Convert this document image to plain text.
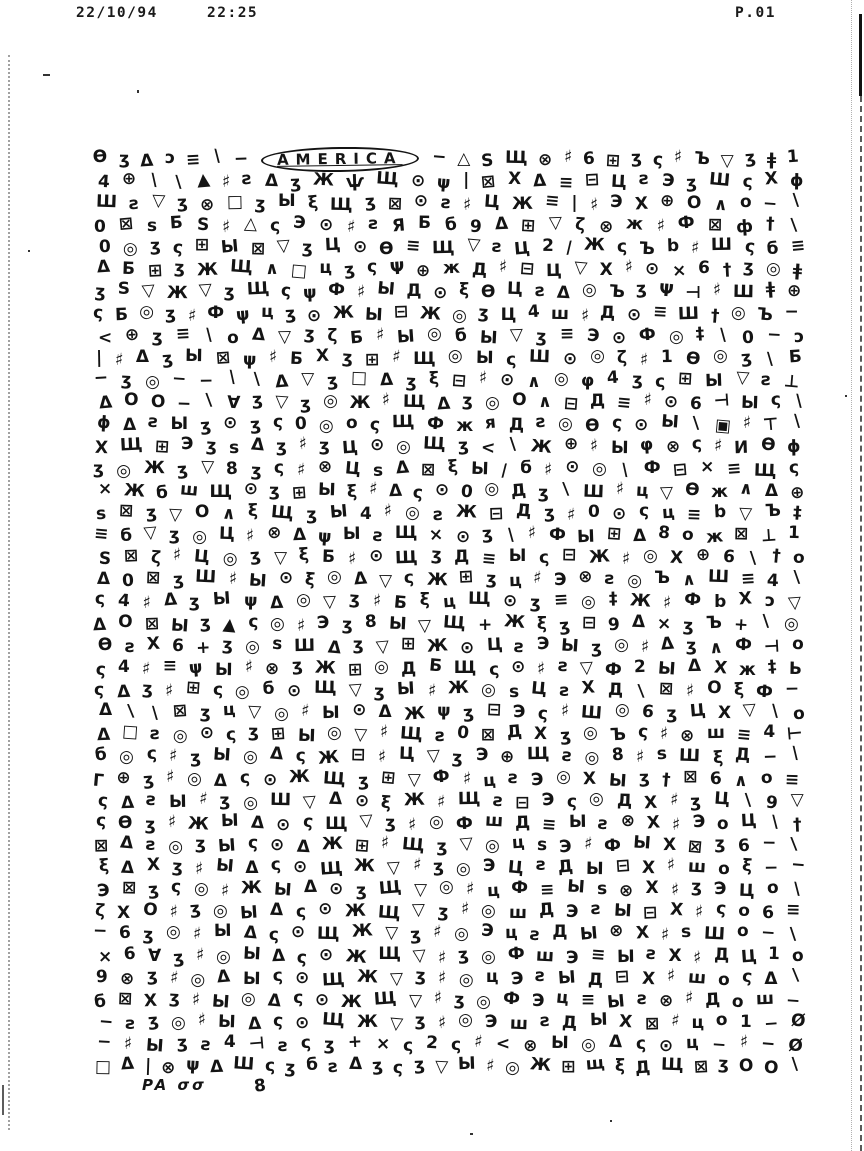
22/10/94	22:25	P.01
Ѳ ʒ Δ ɔ ≡ ∖ −	AMERICA	− △ S Щ ⊗ ♯ 6 ⊞ ʒ ς ♯ Ъ ▽ ʒ ǂ 1
4 ⊕ ∖ ∖ ▲ ♯ ƨ Δ ʒ Ж ѱ Щ ⊙ ψ | ⊠ X Δ ≡ ⊟ Ц ƨ Э ʒ Ш ς X ɸ
Ш ƨ ▽ ʒ ⊗ □ ʒ Ы ξ Щ ʒ ⊠ ⊙ ƨ ♯ Ц Ж ≡ | ♯ Э X ⊕ O ∧ o − ∖
0 ⊠ s Б S ♯ △ ς Э ⊙ ♯ ƨ Я Б б 9 Δ ⊞ ▽ ζ ⊗ ж ♯ Ф ⊠ ф † ∖
0 ◎ ʒ ς ⊞ Ы ⊠ ▽ ʒ Ц ⊙ Ѳ ≡ Щ ▽ ƨ Ц 2 ∕ Ж ς Ъ b ♯ Ш ς б ≡
Δ Б ⊞ ʒ Ж Щ ∧ □ ц ʒ ς Ψ ⊕ ж Д ♯ ⊟ Ц ▽ X ♯ ⊙ × 6 † ʒ ◎ ǂ
ʒ S ▽ Ж ▽ ʒ Щ ς ψ Ф ♯ Ы Д ⊙ ξ Ѳ Ц ƨ Δ ◎ Ъ ʒ Ψ ⊣ ♯ Ш ǂ ⊕
ς Б ◎ ʒ ♯ Ф ψ ц ʒ ⊙ Ж Ы ⊟ Ж ◎ ʒ Ц 4 ш ♯ Д ⊙ ≡ Ш † ◎ Ъ −
< ⊕ ʒ ≡ ∖ o Δ ▽ ʒ ζ Б ♯ Ы ◎ б Ы ▽ ʒ ≡ Э ⊙ Ф ◎ ‡ ∖ 0 − ɔ
| ♯ Δ ʒ Ы ⊠ ψ ♯ Б X ʒ ⊞ ♯ Щ ◎ Ы ς Ш ⊙ ◎ ζ ♯ 1 Ѳ ◎ ʒ ∖ Б
− ʒ ◎ − − ∖ ∖ Δ ▽ ʒ □ Δ ʒ ξ ⊟ ♯ ⊙ ∧ ◎ φ 4 ʒ ς ⊞ Ы ▽ ƨ ⊥
Δ O O − ∖ ∀ ʒ ▽ ʒ ◎ Ж ♯ Щ Δ ʒ ◎ O ∧ ⊟ Д ≡ ♯ ⊙ 6 ⊣ Ы ς ∖
ɸ Δ ƨ Ы ʒ ⊙ ʒ ς 0 ◎ o ς Щ Ф ж я Д ƨ ◎ Ѳ ς ⊙ Ы ∖ ▣ ♯ ⊤ ∖
X Щ ⊞ Э ʒ s Δ ʒ ♯ ʒ Ц ⊙ ◎ Щ ʒ < ∖ Ж ⊕ ♯ Ы φ ⊗ ς ♯ И Ѳ ɸ
ʒ ◎ Ж ʒ ▽ 8 ʒ ς ♯ ⊗ Ц s Δ ⊠ ξ Ы ∕ б ♯ ⊙ ◎ ∖ Ф ⊟ × ≡ Щ ς
× Ж б ш Щ ⊙ ʒ ⊞ Ы ξ ♯ Δ ς ⊙ 0 ◎ Д ʒ ∖ Ш ♯ ц ▽ Ѳ ж ∧ Δ ⊕
s ⊠ ʒ ▽ O ∧ ξ Щ ʒ Ы 4 ♯ ◎ ƨ Ж ⊟ Д ʒ ♯ 0 ⊙ ς ц ≡ b ▽ Ъ ‡
≡ б ▽ ʒ ◎ Ц ♯ ⊗ Δ ψ Ы ƨ Щ × ⊙ ʒ ∖ ♯ Ф Ы ⊞ Δ 8 o ж ⊠ ⊥ 1
S ⊠ ζ ♯ Ц ◎ ʒ ▽ ξ Б ♯ ⊙ Щ ʒ Д ≡ Ы ς ⊟ Ж ♯ ◎ X ⊕ 6 ∖ † o
Δ 0 ⊠ ʒ Ш ♯ Ы ⊙ ξ ◎ Δ ▽ ς Ж ⊞ ʒ ц ♯ Э ⊗ ƨ ◎ Ъ ∧ Ш ≡ 4 ∖
ς 4 ♯ Δ ʒ Ы ψ Δ ◎ ▽ ʒ ♯ Б ξ ц Щ ⊙ ʒ ≡ ◎ ‡ Ж ♯ Ф b X ɔ ▽
Δ O ⊠ Ы ʒ ▲ ς ◎ ♯ Э ʒ 8 Ы ▽ Щ + Ж ξ ʒ ⊟ 9 Δ × ʒ Ъ + ∖ ◎
Ѳ ƨ X 6 + ʒ ◎ s Ш Δ ʒ ▽ ⊞ Ж ⊙ Ц ƨ Э Ы ʒ ◎ ♯ Δ ʒ ∧ Ф ⊣ o
ς 4 ♯ ≡ ψ Ы ♯ ⊗ ʒ Ж ⊞ ◎ Д Б Щ ς ⊙ ♯ ƨ ▽ Ф 2 Ы Δ X ж ‡ Ь
ς Δ ʒ ♯ ⊞ ς ◎ б ⊙ Щ ▽ ʒ Ы ♯ Ж ◎ s Ц ƨ X Д ∖ ⊠ ♯ O ξ Ф −
Δ ∖ ∖ ⊠ ʒ ц ▽ ◎ ♯ Ы ⊙ Δ Ж ψ ʒ ⊟ Э ς ♯ Ш ◎ 6 ʒ Ц X ▽ ∖ o
Δ □ ƨ ◎ ⊙ ς ʒ ⊞ Ы ◎ ▽ ♯ Щ ƨ 0 ⊠ Д X ʒ ◎ Ъ ς ♯ ⊗ ш ≡ 4 ⊢
б ◎ ς ♯ ʒ Ы ◎ Δ ς Ж ⊟ ♯ Ц ▽ ʒ Э ⊕ Щ ƨ ◎ 8 ♯ s Ш ξ Д − ∖
Г ⊕ ʒ ♯ ◎ Δ ς ⊙ Ж Щ ʒ ⊞ ▽ Ф ♯ ц ƨ Э ◎ X Ы ʒ † ⊠ 6 ∧ o ≡
ς Δ ƨ Ы ♯ ʒ ◎ Ш ▽ Δ ⊙ ξ Ж ♯ Щ ƨ ⊟ Э ς ◎ Д X ♯ ʒ Ц ∖ 9 ▽
ς Ѳ ʒ ♯ Ж Ы Δ ⊙ ς Щ ▽ ʒ ♯ ◎ Ф ш Д ≡ Ы ƨ ⊗ X ♯ Э o Ц ∖ †
⊠ Δ ƨ ◎ ʒ Ы ς ⊙ Δ Ж ⊞ ♯ Щ ʒ ▽ ◎ ц s Э ♯ Ф Ы X ⊠ ʒ 6 − ∖
ξ Δ X ʒ ♯ Ы Δ ς ⊙ Щ Ж ▽ ♯ ʒ ◎ Э Ц ƨ Д Ы ⊟ X ♯ ш o ξ − −
Э ⊠ ʒ ς ◎ ♯ Ж Ы Δ ⊙ ʒ Щ ▽ ◎ ♯ ц Ф ≡ Ы s ⊗ X ♯ ʒ Э Ц o ∖
ζ X O ♯ ʒ ◎ Ы Δ ς ⊙ Ж Щ ▽ ʒ ♯ ◎ ш Д Э ƨ Ы ⊟ X ♯ ς o 6 ≡
− 6 ʒ ◎ ♯ Ы Δ ς ⊙ Щ Ж ▽ ʒ ♯ ◎ Э ц ƨ Д Ы ⊗ X ♯ s Ш o − ∖
× 6 ∀ ʒ ♯ ◎ Ы Δ ς ⊙ Ж Щ ▽ ♯ ʒ ◎ Ф ш Э ≡ Ы ƨ X ♯ Д Ц 1 o
9 ⊗ ʒ ♯ ◎ Δ Ы ς ⊙ Щ Ж ▽ ʒ ♯ ◎ ц Э ƨ Ы Д ⊟ X ♯ ш o ς Δ ∖
б ⊠ X ʒ ♯ Ы ◎ Δ ς ⊙ Ж Щ ▽ ♯ ʒ ◎ Ф Э ц ≡ Ы ƨ ⊗ ♯ Д o ш −
− ƨ ʒ ◎ ♯ Ы Δ ς ⊙ Щ Ж ▽ ʒ ♯ ◎ Э ш ƨ Д Ы X ⊠ ♯ ц o 1 − Ø
− ♯ Ы ʒ ƨ 4 ⊣ ƨ ς ʒ + × ς 2 ς ♯ < ⊗ Ы ◎ Δ ς ⊙ ц − ♯ − Ø
□ Δ | ⊗ ψ Δ Ш ς ʒ б ƨ Δ ʒ ς ʒ ▽ Ы ♯ ◎ Ж ⊞ щ ξ Д Щ ⊠ ʒ O O ∖
PA σσ	8
